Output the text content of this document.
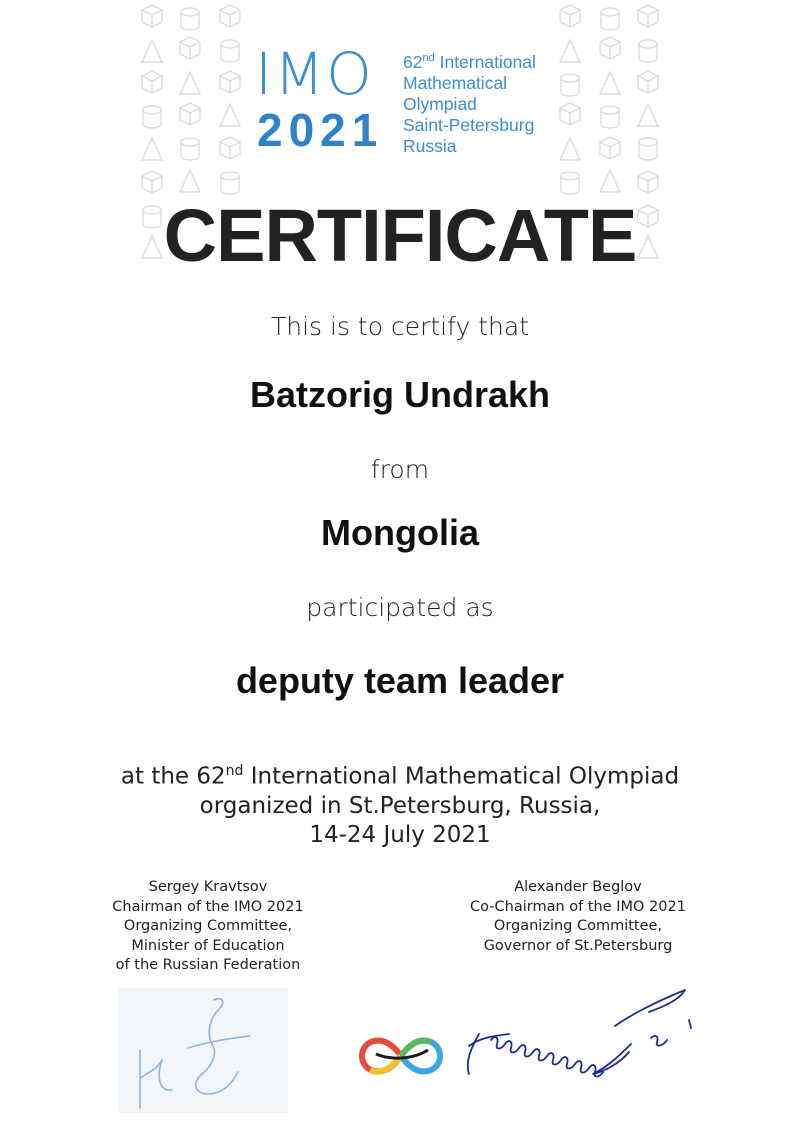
IMO
2021
62nd International
Mathematical
Olympiad
Saint-Petersburg
Russia
CERTIFICATE
This is to certify that
Batzorig Undrakh
from
Mongolia
participated as
deputy team leader
at the 62nd International Mathematical Olympiad
organized in St.Petersburg, Russia,
14-24 July 2021
Sergey Kravtsov
Chairman of the IMO 2021
Organizing Committee,
Minister of Education
of the Russian Federation
Alexander Beglov
Co-Chairman of the IMO 2021
Organizing Committee,
Governor of St.Petersburg
